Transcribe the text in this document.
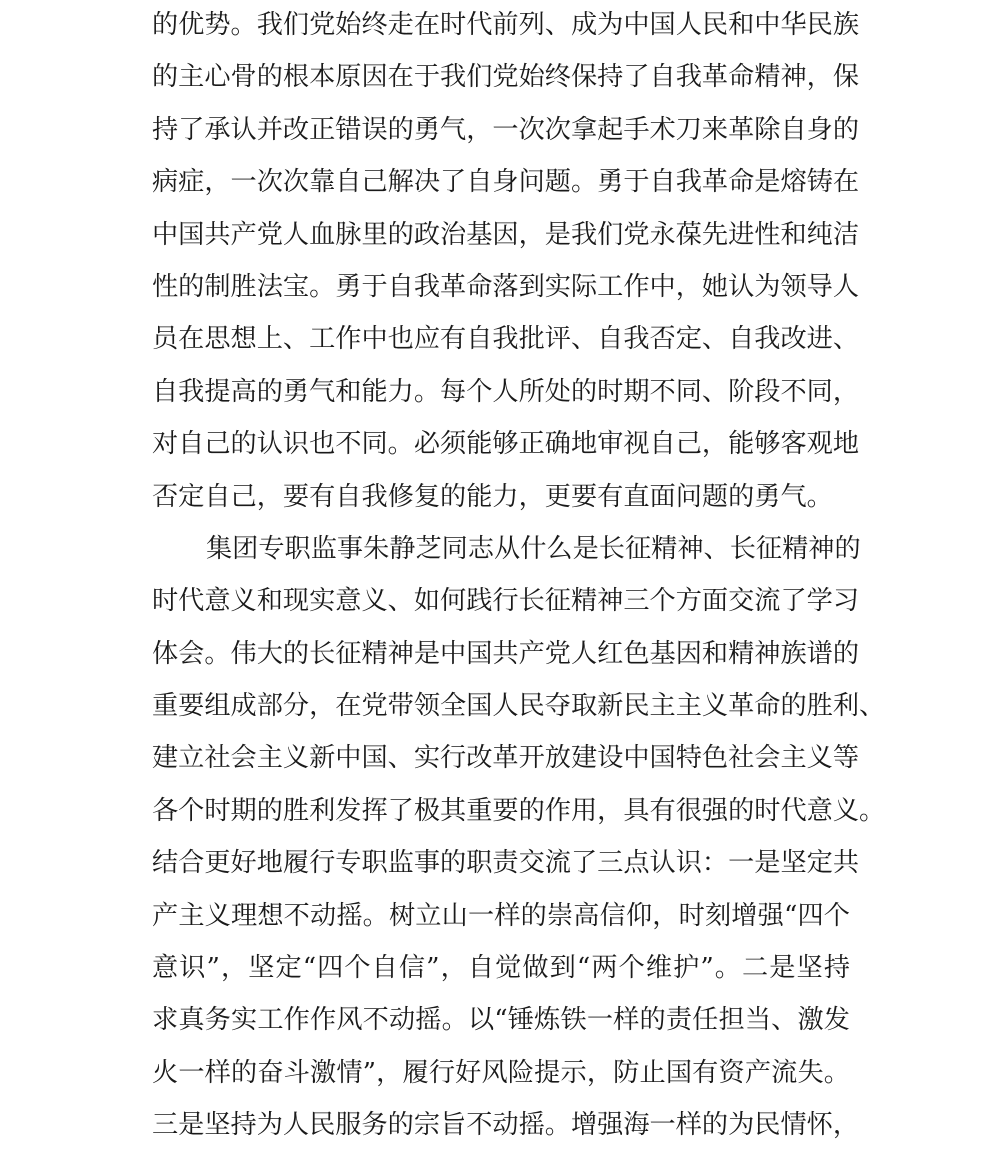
的优势。我们党始终走在时代前列、成为中国人民和中华民族
的主心骨的根本原因在于我们党始终保持了自我革命精神，保
持了承认并改正错误的勇气，一次次拿起手术刀来革除自身的
病症，一次次靠自己解决了自身问题。勇于自我革命是熔铸在
中国共产党人血脉里的政治基因，是我们党永葆先进性和纯洁
性的制胜法宝。勇于自我革命落到实际工作中，她认为领导人
员在思想上、工作中也应有自我批评、自我否定、自我改进、
自我提高的勇气和能力。每个人所处的时期不同、阶段不同，
对自己的认识也不同。必须能够正确地审视自己，能够客观地
否定自己，要有自我修复的能力，更要有直面问题的勇气。
集团专职监事朱静芝同志从什么是长征精神、长征精神的
时代意义和现实意义、如何践行长征精神三个方面交流了学习
体会。伟大的长征精神是中国共产党人红色基因和精神族谱的
重要组成部分，在党带领全国人民夺取新民主主义革命的胜利、
建立社会主义新中国、实行改革开放建设中国特色社会主义等
各个时期的胜利发挥了极其重要的作用，具有很强的时代意义。
结合更好地履行专职监事的职责交流了三点认识：一是坚定共
产主义理想不动摇。树立山一样的崇高信仰，时刻增强“四个
意识”，坚定“四个自信”，自觉做到“两个维护”。二是坚持
求真务实工作作风不动摇。以“锤炼铁一样的责任担当、激发
火一样的奋斗激情”，履行好风险提示，防止国有资产流失。
三是坚持为人民服务的宗旨不动摇。增强海一样的为民情怀，
